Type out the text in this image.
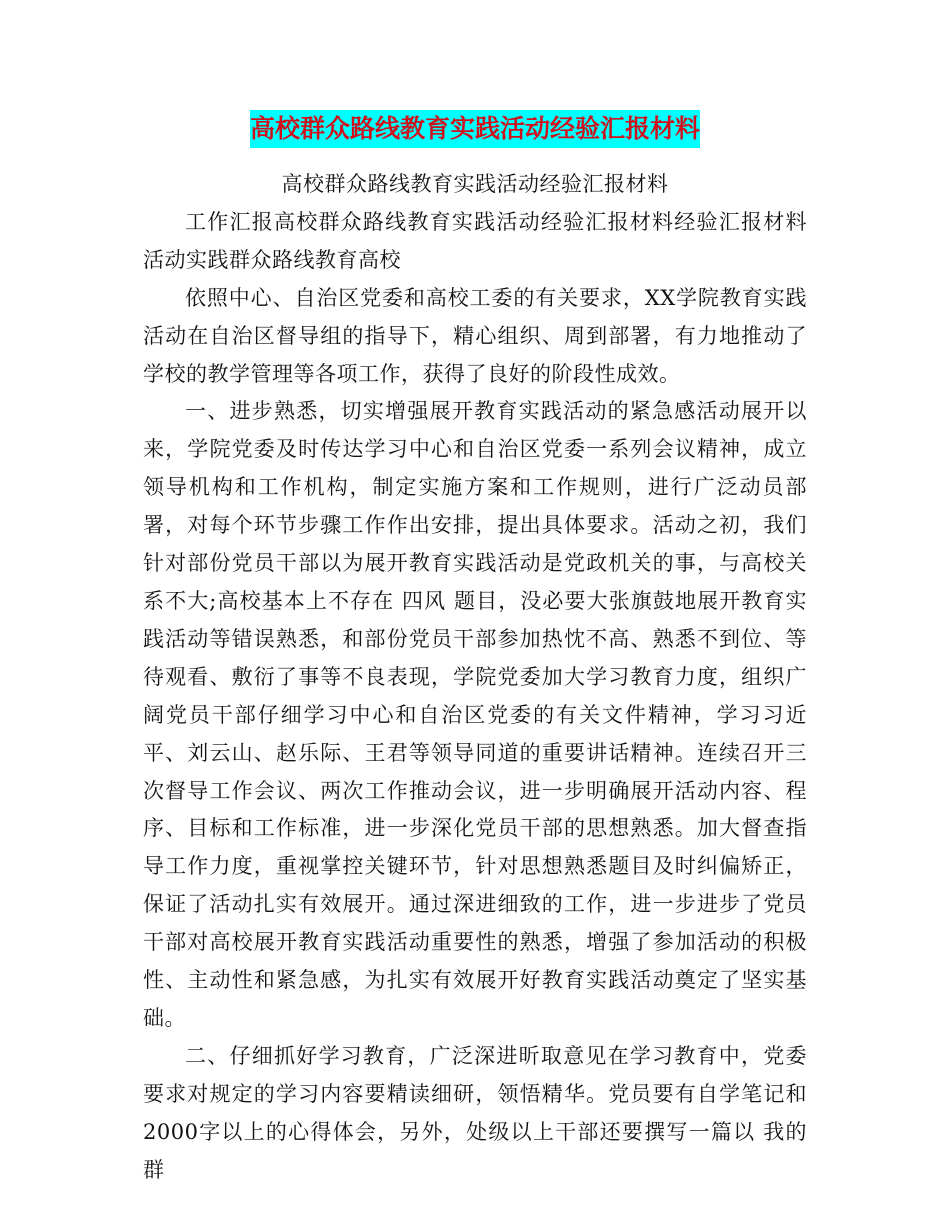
高校群众路线教育实践活动经验汇报材料

高校群众路线教育实践活动经验汇报材料

工作汇报高校群众路线教育实践活动经验汇报材料经验汇报材料活动实践群众路线教育高校

依照中心、自治区党委和高校工委的有关要求，XX学院教育实践活动在自治区督导组的指导下，精心组织、周到部署，有力地推动了学校的教学管理等各项工作，获得了良好的阶段性成效。

一、进步熟悉，切实增强展开教育实践活动的紧急感活动展开以来，学院党委及时传达学习中心和自治区党委一系列会议精神，成立领导机构和工作机构，制定实施方案和工作规则，进行广泛动员部署，对每个环节步骤工作作出安排，提出具体要求。活动之初，我们针对部份党员干部以为展开教育实践活动是党政机关的事，与高校关系不大;高校基本上不存在 四风 题目，没必要大张旗鼓地展开教育实践活动等错误熟悉，和部份党员干部参加热忱不高、熟悉不到位、等待观看、敷衍了事等不良表现，学院党委加大学习教育力度，组织广阔党员干部仔细学习中心和自治区党委的有关文件精神，学习习近平、刘云山、赵乐际、王君等领导同道的重要讲话精神。连续召开三次督导工作会议、两次工作推动会议，进一步明确展开活动内容、程序、目标和工作标准，进一步深化党员干部的思想熟悉。加大督查指导工作力度，重视掌控关键环节，针对思想熟悉题目及时纠偏矫正，保证了活动扎实有效展开。通过深进细致的工作，进一步进步了党员干部对高校展开教育实践活动重要性的熟悉，增强了参加活动的积极性、主动性和紧急感，为扎实有效展开好教育实践活动奠定了坚实基础。

二、仔细抓好学习教育，广泛深进昕取意见在学习教育中，党委要求对规定的学习内容要精读细研，领悟精华。党员要有自学笔记和2000字以上的心得体会，另外，处级以上干部还要撰写一篇以 我的群
